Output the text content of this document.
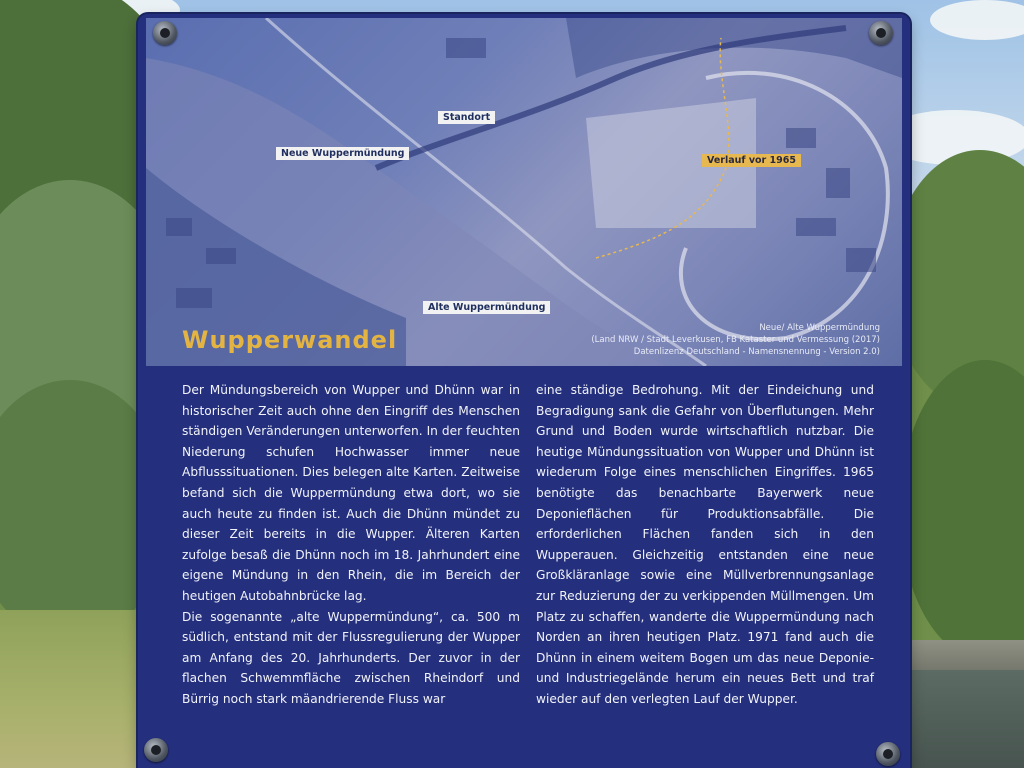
Standort
Neue Wuppermündung
Verlauf vor 1965
Alte Wuppermündung
Wupperwandel	Neue/ Alte Wuppermündung
(Land NRW / Stadt Leverkusen, FB Kataster und Vermessung (2017)
Datenlizenz Deutschland - Namensnennung - Version 2.0)

Der Mündungsbereich von Wupper und Dhünn war in historischer Zeit auch ohne den Eingriff des Menschen ständigen Veränderungen unterworfen. In der feuchten Niederung schufen Hochwasser immer neue Abflusssituationen. Dies belegen alte Karten. Zeitweise befand sich die Wuppermündung etwa dort, wo sie auch heute zu finden ist. Auch die Dhünn mündet zu dieser Zeit bereits in die Wupper. Älteren Karten zufolge besaß die Dhünn noch im 18. Jahrhundert eine eigene Mündung in den Rhein, die im Bereich der heutigen Autobahnbrücke lag.

Die sogenannte „alte Wuppermündung“, ca. 500 m südlich, entstand mit der Flussregulierung der Wupper am Anfang des 20. Jahrhunderts. Der zuvor in der flachen Schwemmfläche zwischen Rheindorf und Bürrig noch stark mäandrierende Fluss war

eine ständige Bedrohung. Mit der Eindeichung und Begradigung sank die Gefahr von Überflutungen. Mehr Grund und Boden wurde wirtschaftlich nutzbar. Die heutige Mündungssituation von Wupper und Dhünn ist wiederum Folge eines menschlichen Eingriffes. 1965 benötigte das benachbarte Bayerwerk neue Deponieflächen für Produktionsabfälle. Die erforderlichen Flächen fanden sich in den Wupperauen. Gleichzeitig entstanden eine neue Großkläranlage sowie eine Müllverbrennungsanlage zur Reduzierung der zu verkippenden Müllmengen. Um Platz zu schaffen, wanderte die Wuppermündung nach Norden an ihren heutigen Platz. 1971 fand auch die Dhünn in einem weitem Bogen um das neue Deponie- und Industriegelände herum ein neues Bett und traf wieder auf den verlegten Lauf der Wupper.
